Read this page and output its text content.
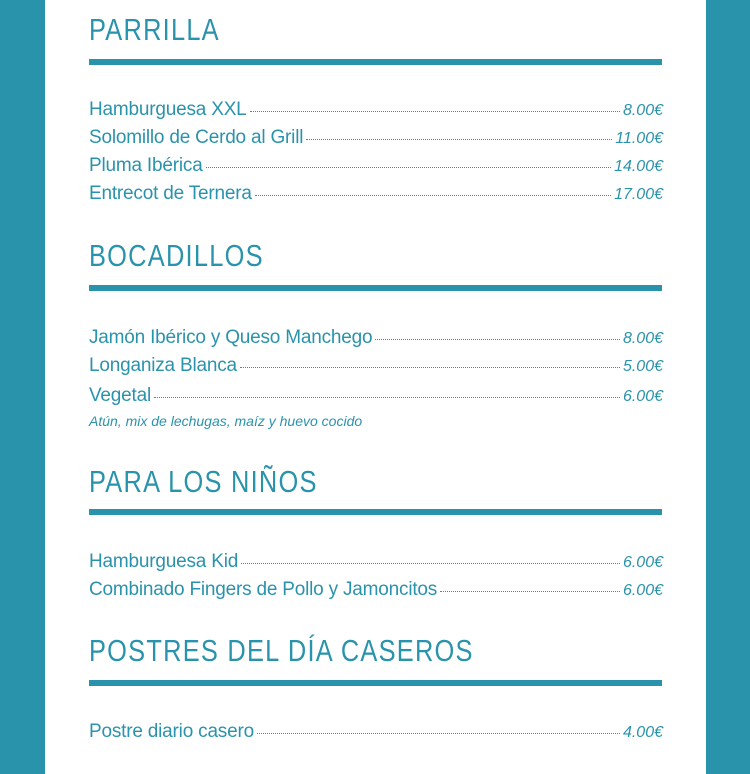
PARRILLA
Hamburguesa XXL	8.00€
Solomillo de Cerdo al Grill	11.00€
Pluma Ibérica	14.00€
Entrecot de Ternera	17.00€
BOCADILLOS
Jamón Ibérico y Queso Manchego	8.00€
Longaniza Blanca	5.00€
Vegetal	6.00€
Atún, mix de lechugas, maíz y huevo cocido
PARA LOS NIÑOS
Hamburguesa Kid	6.00€
Combinado Fingers de Pollo y Jamoncitos	6.00€
POSTRES DEL DÍA CASEROS
Postre diario casero	4.00€
